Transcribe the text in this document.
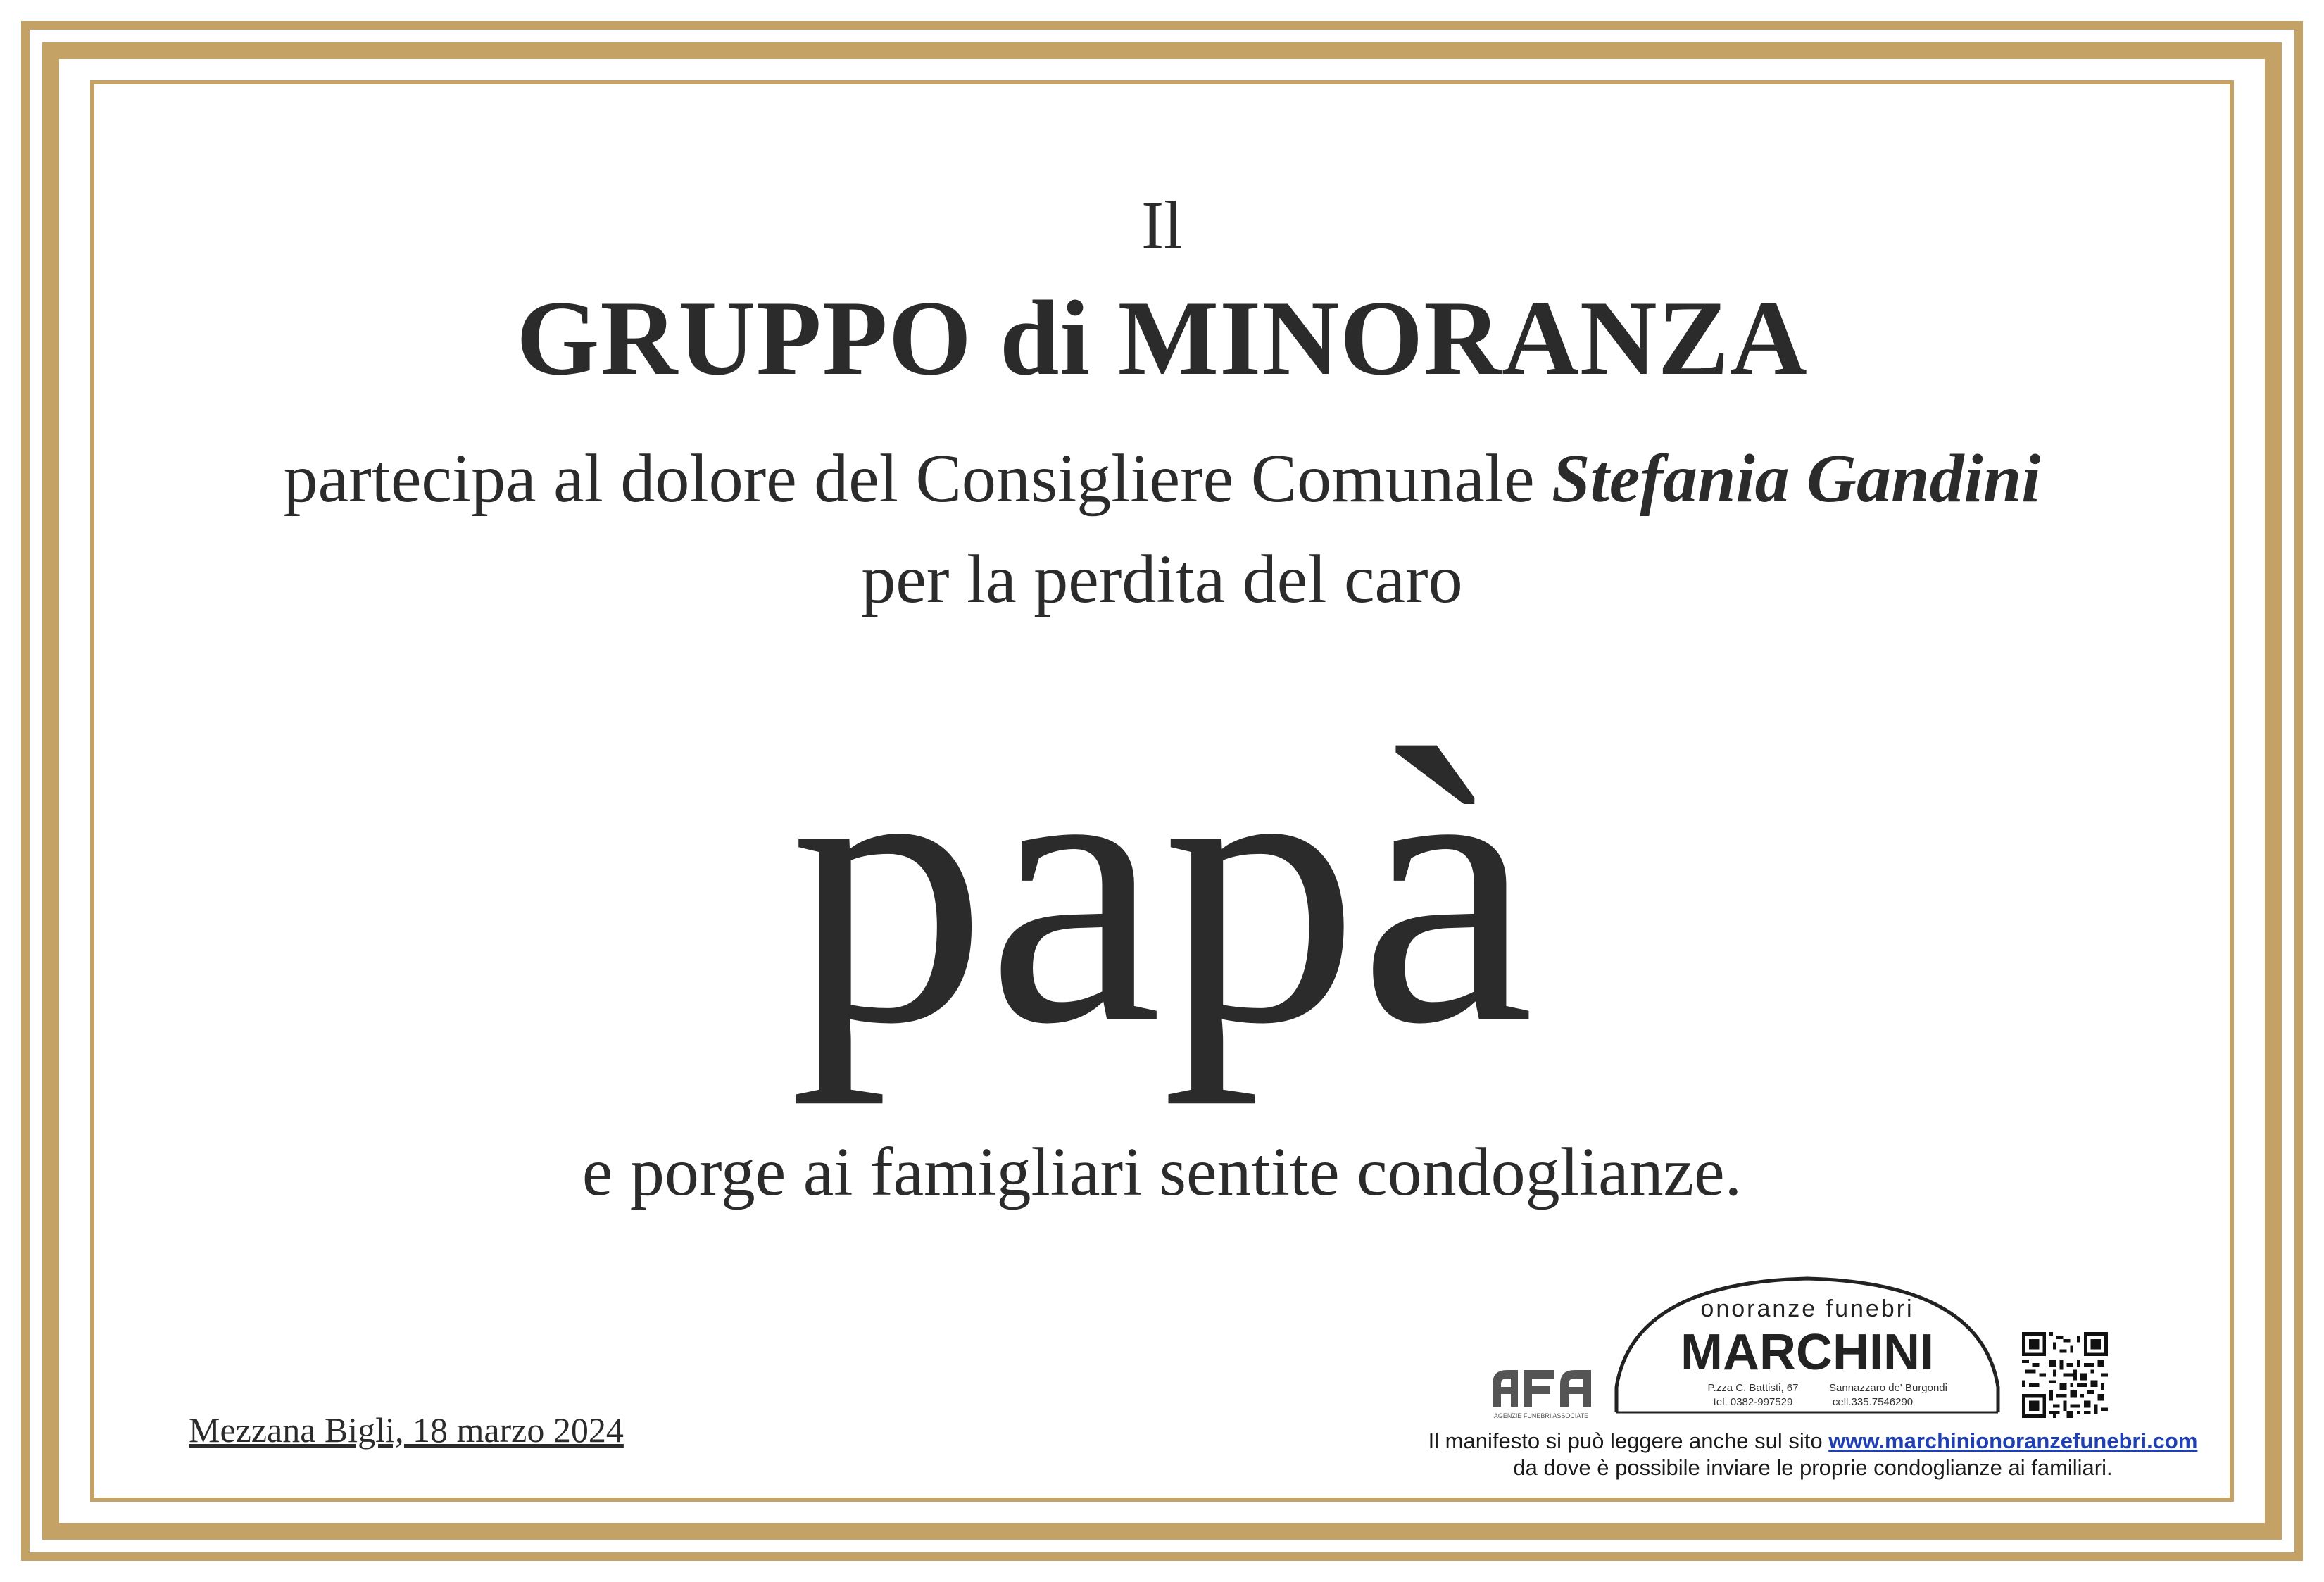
Il
GRUPPO di MINORANZA
partecipa al dolore del Consigliere Comunale Stefania Gandini
per la perdita del caro
papà
e porge ai famigliari sentite condoglianze.
Mezzana Bigli, 18 marzo 2024	AGENZIE FUNEBRI ASSOCIATE
onoranze funebri
MARCHINI
P.zza C. Battisti, 67	Sannazzaro de' Burgondi
tel. 0382-997529	cell.335.7546290
Il manifesto si può leggere anche sul sito www.marchinionoranzefunebri.com
da dove è possibile inviare le proprie condoglianze ai familiari.
